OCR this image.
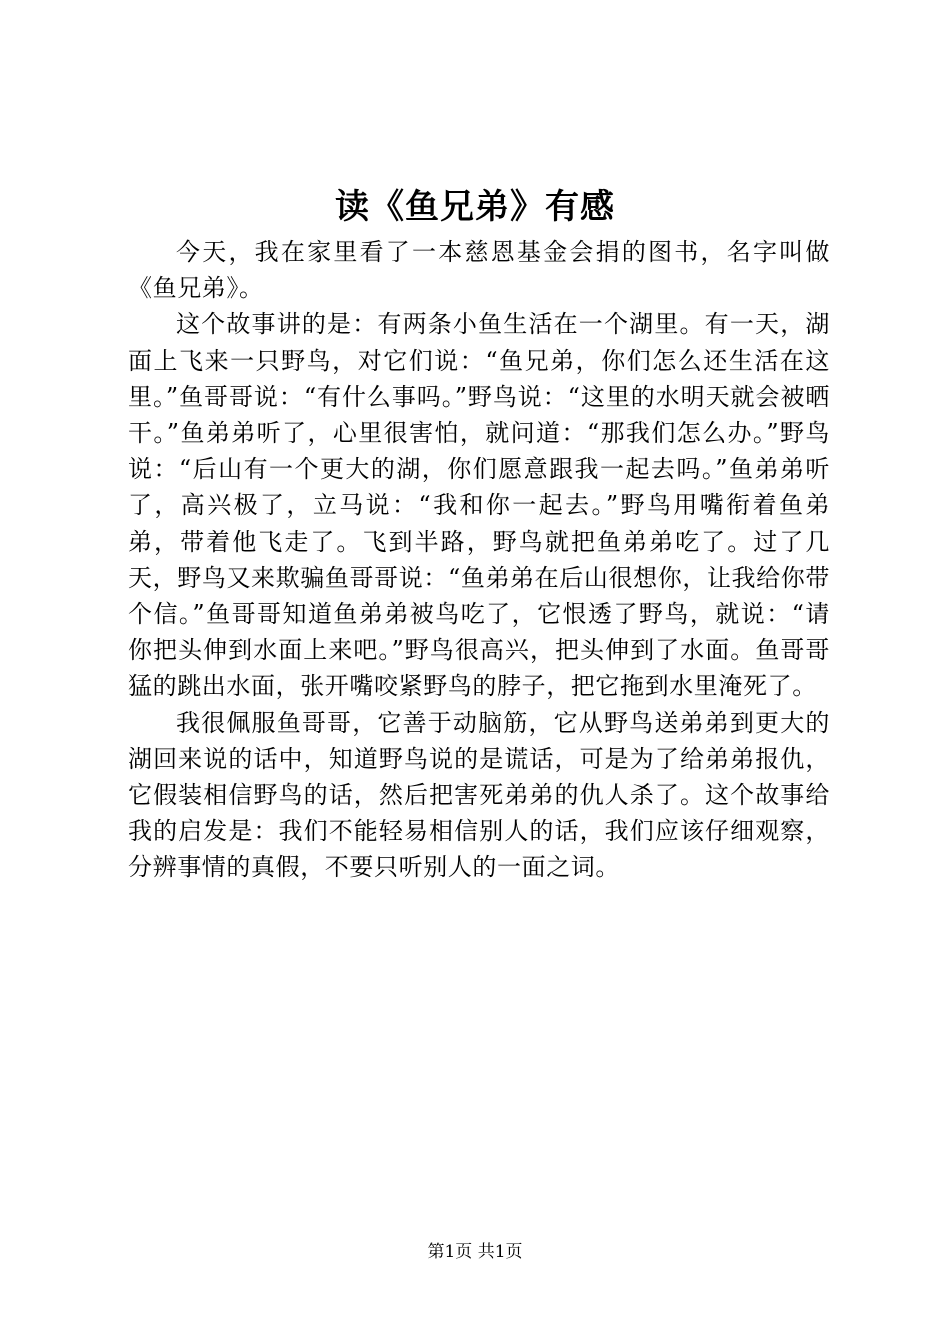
读《鱼兄弟》有感

今天，我在家里看了一本慈恩基金会捐的图书，名字叫做《鱼兄弟》。

这个故事讲的是：有两条小鱼生活在一个湖里。有一天，湖面上飞来一只野鸟，对它们说：“鱼兄弟，你们怎么还生活在这里。”鱼哥哥说：“有什么事吗。”野鸟说：“这里的水明天就会被晒干。”鱼弟弟听了，心里很害怕，就问道：“那我们怎么办。”野鸟说：“后山有一个更大的湖，你们愿意跟我一起去吗。”鱼弟弟听了，高兴极了，立马说：“我和你一起去。”野鸟用嘴衔着鱼弟弟，带着他飞走了。飞到半路，野鸟就把鱼弟弟吃了。过了几天，野鸟又来欺骗鱼哥哥说：“鱼弟弟在后山很想你，让我给你带个信。”鱼哥哥知道鱼弟弟被鸟吃了，它恨透了野鸟，就说：“请你把头伸到水面上来吧。”野鸟很高兴，把头伸到了水面。鱼哥哥猛的跳出水面，张开嘴咬紧野鸟的脖子，把它拖到水里淹死了。

我很佩服鱼哥哥，它善于动脑筋，它从野鸟送弟弟到更大的湖回来说的话中，知道野鸟说的是谎话，可是为了给弟弟报仇，它假装相信野鸟的话，然后把害死弟弟的仇人杀了。这个故事给我的启发是：我们不能轻易相信别人的话，我们应该仔细观察，分辨事情的真假，不要只听别人的一面之词。

第1页 共1页
